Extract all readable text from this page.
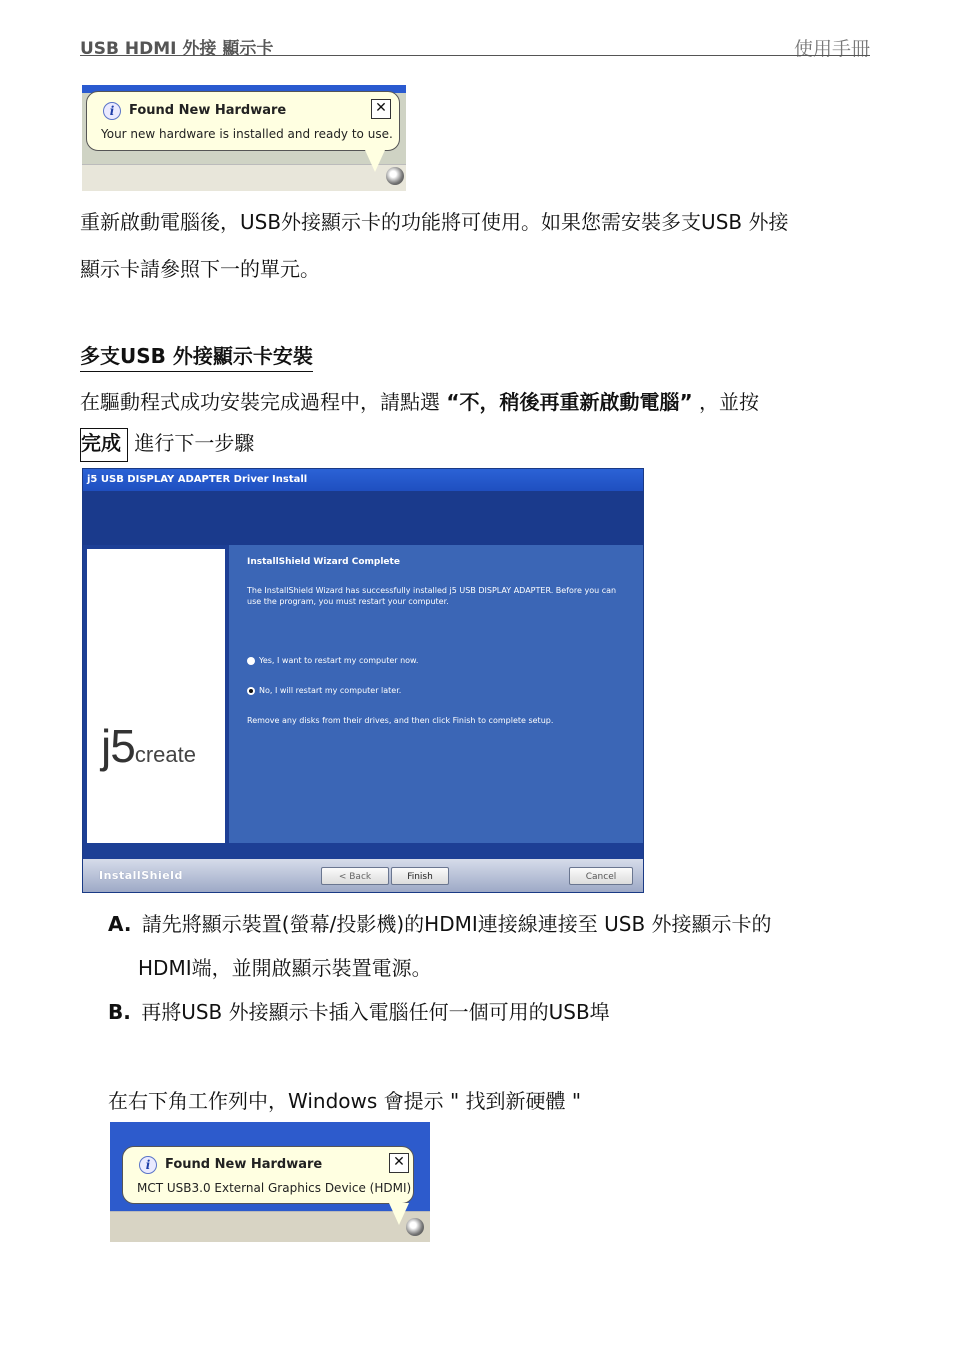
USB HDMI 外接 顯示卡	使用手冊
i	Found New Hardware
Your new hardware is installed and ready to use.
✕
重新啟動電腦後，USB外接顯示卡的功能將可使用。如果您需安裝多支USB 外接
顯示卡請參照下一的單元。
多支USB 外接顯示卡安裝
在驅動程式成功安裝完成過程中，請點選 “不，稍後再重新啟動電腦” ，並按
完成 進行下一步驟
j5 USB DISPLAY ADAPTER Driver Install
j5create
InstallShield Wizard Complete
The InstallShield Wizard has successfully installed j5 USB DISPLAY ADAPTER. Before you can
use the program, you must restart your computer.
Yes, I want to restart my computer now.
No, I will restart my computer later.
Remove any disks from their drives, and then click Finish to complete setup.
InstallShield	< Back	Finish	Cancel
A. 請先將顯示裝置(螢幕/投影機)的HDMI連接線連接至 USB 外接顯示卡的
HDMI端，並開啟顯示裝置電源。
B. 再將USB 外接顯示卡插入電腦任何一個可用的USB埠
在右下角工作列中，Windows 會提示 " 找到新硬體 "
i	Found New Hardware
MCT USB3.0 External Graphics Device (HDMI)
✕
